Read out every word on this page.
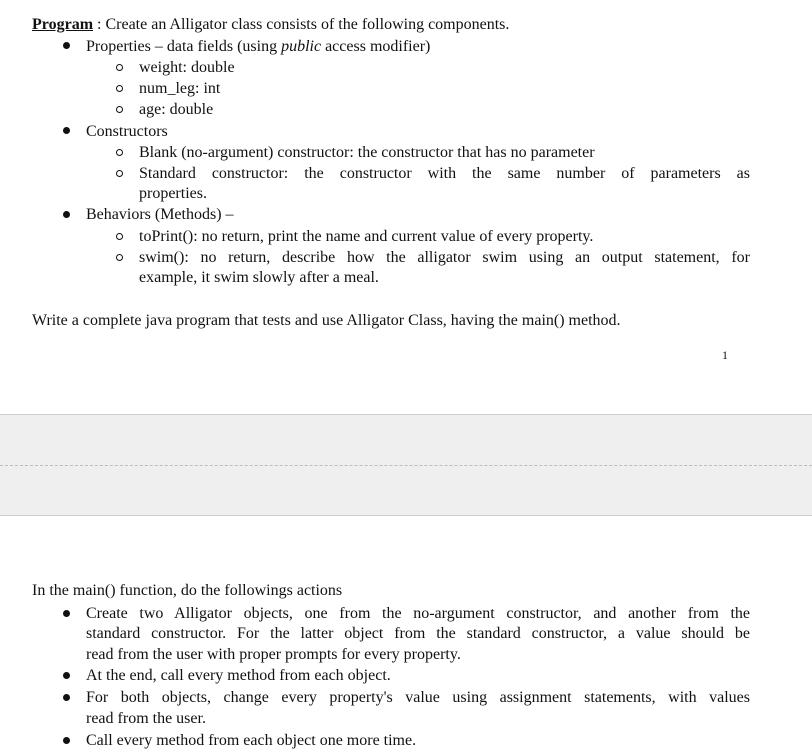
Program : Create an Alligator class consists of the following components.
Properties – data fields (using public access modifier)
weight: double
num_leg: int
age: double
Constructors
Blank (no-argument) constructor: the constructor that has no parameter
Standard constructor: the constructor with the same number of parameters as
properties.
Behaviors (Methods) –
toPrint(): no return, print the name and current value of every property.
swim(): no return, describe how the alligator swim using an output statement, for
example, it swim slowly after a meal.
Write a complete java program that tests and use Alligator Class, having the main() method.
1
In the main() function, do the followings actions
Create two Alligator objects, one from the no-argument constructor, and another from the
standard constructor. For the latter object from the standard constructor, a value should be
read from the user with proper prompts for every property.
At the end, call every method from each object.
For both objects, change every property's value using assignment statements, with values
read from the user.
Call every method from each object one more time.
